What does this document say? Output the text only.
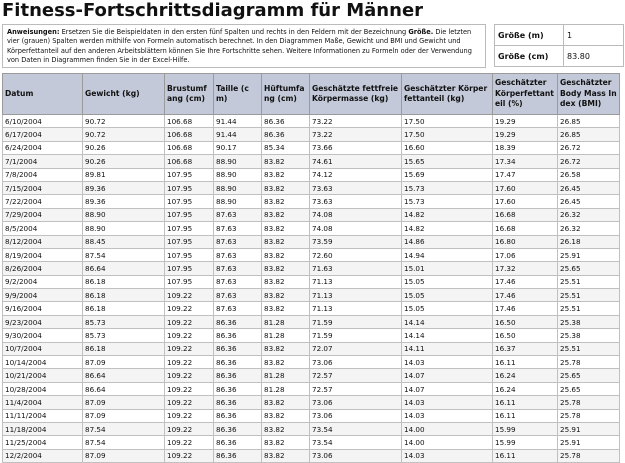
Fitness-Fortschrittsdiagramm für Männer
Anweisungen: Ersetzen Sie die Beispieldaten in den ersten fünf Spalten und rechts in den Feldern mit der Bezeichnung Größe. Die letzten vier (grauen) Spalten werden mithilfe von Formeln automatisch berechnet. In den Diagrammen Maße, Gewicht und BMI und Gewicht und Körperfettanteil auf den anderen Arbeitsblättern können Sie Ihre Fortschritte sehen. Weitere Informationen zu Formeln oder der Verwendung von Daten in Diagrammen finden Sie in der Excel-Hilfe.
Größe (m)	1
Größe (cm)	83.80
Datum	Gewicht (kg)	Brustumfang (cm)	Taille (cm)	Hüftumfang (cm)	Geschätzte fettfreie Körpermasse (kg)	Geschätzter Körperfettanteil (kg)	Geschätzter Körperfettanteil (%)	Geschätzter Body Mass Index (BMI)
6/10/2004	90.72	106.68	91.44	86.36	73.22	17.50	19.29	26.85
6/17/2004	90.72	106.68	91.44	86.36	73.22	17.50	19.29	26.85
6/24/2004	90.26	106.68	90.17	85.34	73.66	16.60	18.39	26.72
7/1/2004	90.26	106.68	88.90	83.82	74.61	15.65	17.34	26.72
7/8/2004	89.81	107.95	88.90	83.82	74.12	15.69	17.47	26.58
7/15/2004	89.36	107.95	88.90	83.82	73.63	15.73	17.60	26.45
7/22/2004	89.36	107.95	88.90	83.82	73.63	15.73	17.60	26.45
7/29/2004	88.90	107.95	87.63	83.82	74.08	14.82	16.68	26.32
8/5/2004	88.90	107.95	87.63	83.82	74.08	14.82	16.68	26.32
8/12/2004	88.45	107.95	87.63	83.82	73.59	14.86	16.80	26.18
8/19/2004	87.54	107.95	87.63	83.82	72.60	14.94	17.06	25.91
8/26/2004	86.64	107.95	87.63	83.82	71.63	15.01	17.32	25.65
9/2/2004	86.18	107.95	87.63	83.82	71.13	15.05	17.46	25.51
9/9/2004	86.18	109.22	87.63	83.82	71.13	15.05	17.46	25.51
9/16/2004	86.18	109.22	87.63	83.82	71.13	15.05	17.46	25.51
9/23/2004	85.73	109.22	86.36	81.28	71.59	14.14	16.50	25.38
9/30/2004	85.73	109.22	86.36	81.28	71.59	14.14	16.50	25.38
10/7/2004	86.18	109.22	86.36	83.82	72.07	14.11	16.37	25.51
10/14/2004	87.09	109.22	86.36	83.82	73.06	14.03	16.11	25.78
10/21/2004	86.64	109.22	86.36	81.28	72.57	14.07	16.24	25.65
10/28/2004	86.64	109.22	86.36	81.28	72.57	14.07	16.24	25.65
11/4/2004	87.09	109.22	86.36	83.82	73.06	14.03	16.11	25.78
11/11/2004	87.09	109.22	86.36	83.82	73.06	14.03	16.11	25.78
11/18/2004	87.54	109.22	86.36	83.82	73.54	14.00	15.99	25.91
11/25/2004	87.54	109.22	86.36	83.82	73.54	14.00	15.99	25.91
12/2/2004	87.09	109.22	86.36	83.82	73.06	14.03	16.11	25.78
